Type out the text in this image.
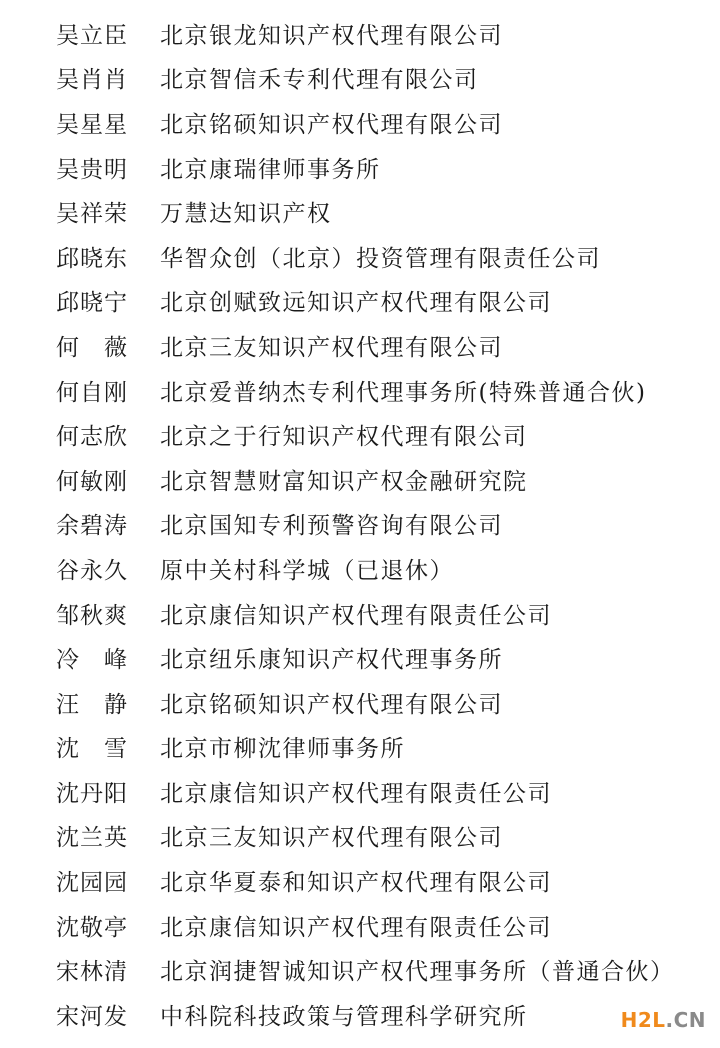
吴立臣	北京银龙知识产权代理有限公司
吴肖肖	北京智信禾专利代理有限公司
吴星星	北京铭硕知识产权代理有限公司
吴贵明	北京康瑞律师事务所
吴祥荣	万慧达知识产权
邱晓东	华智众创（北京）投资管理有限责任公司
邱晓宁	北京创赋致远知识产权代理有限公司
何　薇	北京三友知识产权代理有限公司
何自刚	北京爱普纳杰专利代理事务所(特殊普通合伙)
何志欣	北京之于行知识产权代理有限公司
何敏刚	北京智慧财富知识产权金融研究院
余碧涛	北京国知专利预警咨询有限公司
谷永久	原中关村科学城（已退休）
邹秋爽	北京康信知识产权代理有限责任公司
冷　峰	北京纽乐康知识产权代理事务所
汪　静	北京铭硕知识产权代理有限公司
沈　雪	北京市柳沈律师事务所
沈丹阳	北京康信知识产权代理有限责任公司
沈兰英	北京三友知识产权代理有限公司
沈园园	北京华夏泰和知识产权代理有限公司
沈敬亭	北京康信知识产权代理有限责任公司
宋林清	北京润捷智诚知识产权代理事务所（普通合伙）
宋河发	中科院科技政策与管理科学研究所	H2L.CN
